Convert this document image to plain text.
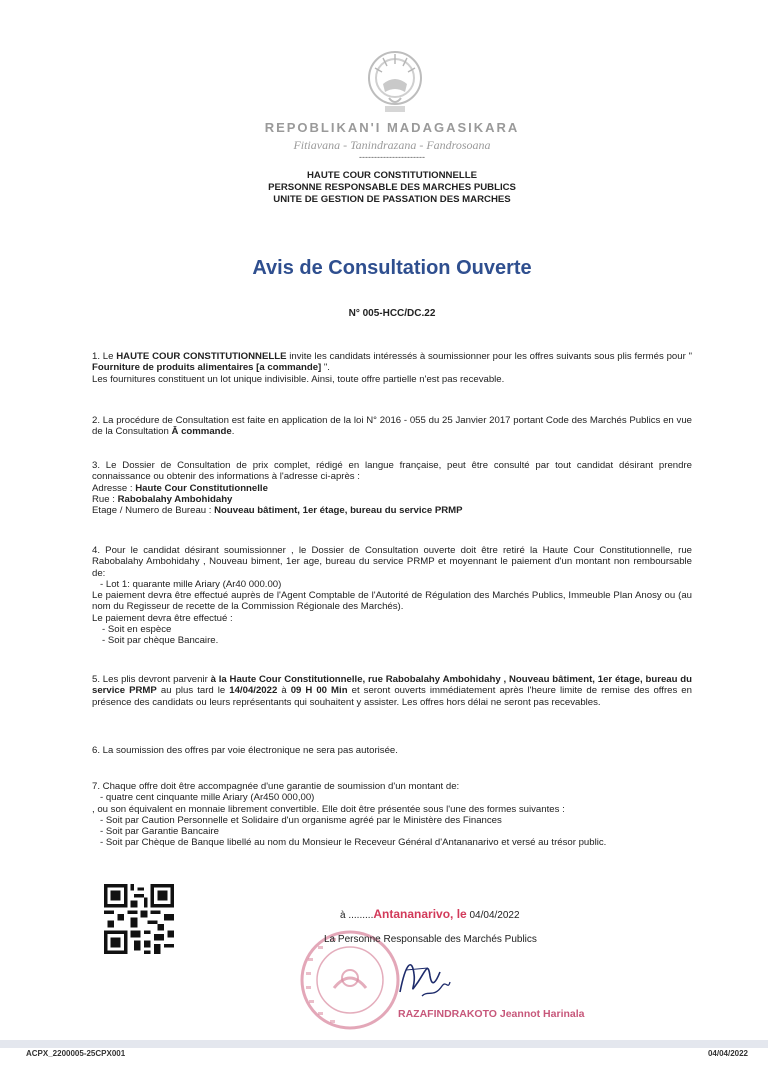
REPOBLIKAN'I MADAGASIKARA
Fitiavana - Tanindrazana - Fandrosoana
----------------------
HAUTE COUR CONSTITUTIONNELLE
PERSONNE RESPONSABLE DES MARCHES PUBLICS
UNITE DE GESTION DE PASSATION DES MARCHES
Avis de Consultation Ouverte
N° 005-HCC/DC.22

1. Le HAUTE COUR CONSTITUTIONNELLE invite les candidats intéressés à soumissionner pour les offres suivants sous plis fermés pour " Fourniture de produits alimentaires [a commande] ".

Les fournitures constituent un lot unique indivisible. Ainsi, toute offre partielle n'est pas recevable.

2. La procédure de Consultation est faite en application de la loi N° 2016 - 055 du 25 Janvier 2017 portant Code des Marchés Publics en vue de la Consultation Ā commande.

3. Le Dossier de Consultation de prix complet, rédigé en langue française, peut être consulté par tout candidat désirant prendre connaissance ou obtenir des informations à l'adresse ci-après :

Adresse : Haute Cour Constitutionnelle

Rue : Rabobalahy Ambohidahy

Etage / Numero de Bureau : Nouveau bâtiment, 1er étage, bureau du service PRMP

4. Pour le candidat désirant soumissionner , le Dossier de Consultation ouverte doit être retiré la Haute Cour Constitutionnelle, rue Rabobalahy Ambohidahy , Nouveau biment, 1er age, bureau du service PRMP et moyennant le paiement d'un montant non remboursable de:

- Lot 1: quarante mille Ariary (Ar40 000.00)

Le paiement devra être effectué auprès de l'Agent Comptable de l'Autorité de Régulation des Marchés Publics, Immeuble Plan Anosy ou (au nom du Regisseur de recette de la Commission Régionale des Marchés).

Le paiement devra être effectué :

- Soit en espèce

- Soit par chèque Bancaire.

5. Les plis devront parvenir à la Haute Cour Constitutionnelle, rue Rabobalahy Ambohidahy , Nouveau bâtiment, 1er étage, bureau du service PRMP au plus tard le 14/04/2022 à 09 H 00 Min et seront ouverts immédiatement après l'heure limite de remise des offres en présence des candidats ou leurs représentants qui souhaitent y assister. Les offres hors délai ne seront pas recevables.

6. La soumission des offres par voie électronique ne sera pas autorisée.

7. Chaque offre doit être accompagnée d'une garantie de soumission d'un montant de:

- quatre cent cinquante mille Ariary (Ar450 000,00)

, ou son équivalent en monnaie librement convertible. Elle doit être présentée sous l'une des formes suivantes :

- Soit par Caution Personnelle et Solidaire d'un organisme agréé par le Ministère des Finances

- Soit par Garantie Bancaire

- Soit par Chèque de Banque libellé au nom du Monsieur le Receveur Général d'Antananarivo et versé au trésor public.

à .........Antananarivo, le 04/04/2022
La Personne Responsable des Marchés Publics
RAZAFINDRAKOTO Jeannot Harinala
ACPX_2200005-25CPX001	04/04/2022
